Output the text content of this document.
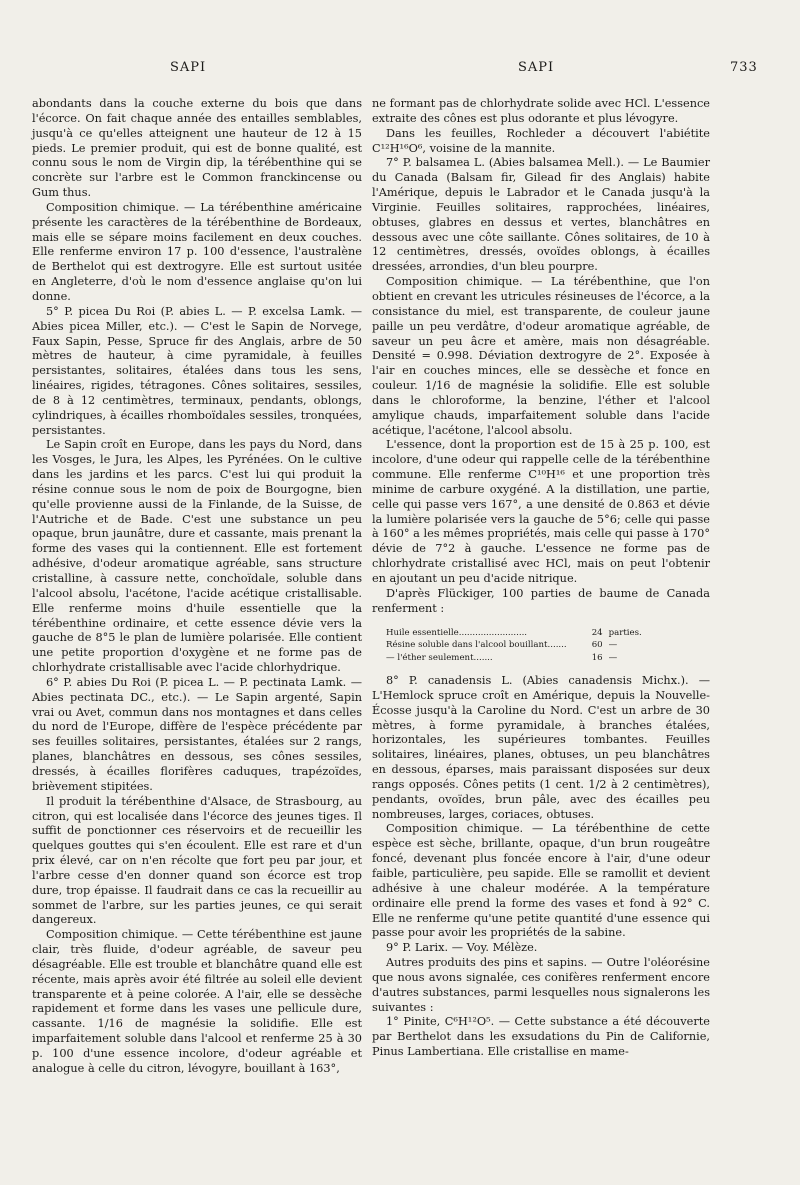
SAPI	SAPI	733

abondants dans la couche externe du bois que dans l'écorce. On fait chaque année des entailles semblables, jusqu'à ce qu'elles atteignent une hauteur de 12 à 15 pieds. Le premier produit, qui est de bonne qualité, est connu sous le nom de Virgin dip, la térébenthine qui se concrète sur l'arbre est le Common franckincense ou Gum thus.

Composition chimique. — La térébenthine américaine présente les caractères de la térébenthine de Bordeaux, mais elle se sépare moins facilement en deux couches. Elle renferme environ 17 p. 100 d'essence, l'australène de Berthelot qui est dextrogyre. Elle est surtout usitée en Angleterre, d'où le nom d'essence anglaise qu'on lui donne.

5° P. picea Du Roi (P. abies L. — P. excelsa Lamk. —Abies picea Miller, etc.). — C'est le Sapin de Norvege, Faux Sapin, Pesse, Spruce fir des Anglais, arbre de 50 mètres de hauteur, à cime pyramidale, à feuilles persistantes, solitaires, étalées dans tous les sens, linéaires, rigides, tétragones. Cônes solitaires, sessiles, de 8 à 12 centimètres, terminaux, pendants, oblongs, cylindriques, à écailles rhomboïdales sessiles, tronquées, persistantes.

Le Sapin croît en Europe, dans les pays du Nord, dans les Vosges, le Jura, les Alpes, les Pyrénées. On le cultive dans les jardins et les parcs. C'est lui qui produit la résine connue sous le nom de poix de Bourgogne, bien qu'elle provienne aussi de la Finlande, de la Suisse, de l'Autriche et de Bade. C'est une substance un peu opaque, brun jaunâtre, dure et cassante, mais prenant la forme des vases qui la contiennent. Elle est fortement adhésive, d'odeur aromatique agréable, sans structure cristalline, à cassure nette, conchoïdale, soluble dans l'alcool absolu, l'acétone, l'acide acétique cristallisable. Elle renferme moins d'huile essentielle que la térébenthine ordinaire, et cette essence dévie vers la gauche de 8°5 le plan de lumière polarisée. Elle contient une petite proportion d'oxygène et ne forme pas de chlorhydrate cristallisable avec l'acide chlorhydrique.

6° P. abies Du Roi (P. picea L. — P. pectinata Lamk. — Abies pectinata DC., etc.). — Le Sapin argenté, Sapin vrai ou Avet, commun dans nos montagnes et dans celles du nord de l'Europe, diffère de l'espèce précédente par ses feuilles solitaires, persistantes, étalées sur 2 rangs, planes, blanchâtres en dessous, ses cônes sessiles, dressés, à écailles florifères caduques, trapézoïdes, brièvement stipitées.

Il produit la térébenthine d'Alsace, de Strasbourg, au citron, qui est localisée dans l'écorce des jeunes tiges. Il suffit de ponctionner ces réservoirs et de recueillir les quelques gouttes qui s'en écoulent. Elle est rare et d'un prix élevé, car on n'en récolte que fort peu par jour, et l'arbre cesse d'en donner quand son écorce est trop dure, trop épaisse. Il faudrait dans ce cas la recueillir au sommet de l'arbre, sur les parties jeunes, ce qui serait dangereux.

Composition chimique. — Cette térébenthine est jaune clair, très fluide, d'odeur agréable, de saveur peu désagréable. Elle est trouble et blanchâtre quand elle est récente, mais après avoir été filtrée au soleil elle devient transparente et à peine colorée. A l'air, elle se dessèche rapidement et forme dans les vases une pellicule dure, cassante. 1/16 de magnésie la solidifie. Elle est imparfaitement soluble dans l'alcool et renferme 25 à 30 p. 100 d'une essence incolore, d'odeur agréable et analogue à celle du citron, lévogyre, bouillant à 163°,

ne formant pas de chlorhydrate solide avec HCl. L'essence extraite des cônes est plus odorante et plus lévogyre.

Dans les feuilles, Rochleder a découvert l'abiétite C¹²H¹⁶O⁶, voisine de la mannite.

7° P. balsamea L. (Abies balsamea Mell.). — Le Baumier du Canada (Balsam fir, Gilead fir des Anglais) habite l'Amérique, depuis le Labrador et le Canada jusqu'à la Virginie. Feuilles solitaires, rapprochées, linéaires, obtuses, glabres en dessus et vertes, blanchâtres en dessous avec une côte saillante. Cônes solitaires, de 10 à 12 centimètres, dressés, ovoïdes oblongs, à écailles dressées, arrondies, d'un bleu pourpre.

Composition chimique. — La térébenthine, que l'on obtient en crevant les utricules résineuses de l'écorce, a la consistance du miel, est transparente, de couleur jaune paille un peu verdâtre, d'odeur aromatique agréable, de saveur un peu âcre et amère, mais non désagréable. Densité = 0.998. Déviation dextrogyre de 2°. Exposée à l'air en couches minces, elle se dessèche et fonce en couleur. 1/16 de magnésie la solidifie. Elle est soluble dans le chloroforme, la benzine, l'éther et l'alcool amylique chauds, imparfaitement soluble dans l'acide acétique, l'acétone, l'alcool absolu.

L'essence, dont la proportion est de 15 à 25 p. 100, est incolore, d'une odeur qui rappelle celle de la térébenthine commune. Elle renferme C¹⁰H¹⁶ et une proportion très minime de carbure oxygéné. A la distillation, une partie, celle qui passe vers 167°, a une densité de 0.863 et dévie la lumière polarisée vers la gauche de 5°6; celle qui passe à 160° a les mêmes propriétés, mais celle qui passe à 170° dévie de 7°2 à gauche. L'essence ne forme pas de chlorhydrate cristallisé avec HCl, mais on peut l'obtenir en ajoutant un peu d'acide nitrique.

D'après Flückiger, 100 parties de baume de Canada renferment :

Huile essentielle.........................	24	parties.
Résine soluble dans l'alcool bouillant.......	60	—
— l'éther seulement.......	16	—

8° P. canadensis L. (Abies canadensis Michx.). — L'Hemlock spruce croît en Amérique, depuis la Nouvelle-Écosse jusqu'à la Caroline du Nord. C'est un arbre de 30 mètres, à forme pyramidale, à branches étalées, horizontales, les supérieures tombantes. Feuilles solitaires, linéaires, planes, obtuses, un peu blanchâtres en dessous, éparses, mais paraissant disposées sur deux rangs opposés. Cônes petits (1 cent. 1/2 à 2 centimètres), pendants, ovoïdes, brun pâle, avec des écailles peu nombreuses, larges, coriaces, obtuses.

Composition chimique. — La térébenthine de cette espèce est sèche, brillante, opaque, d'un brun rougeâtre foncé, devenant plus foncée encore à l'air, d'une odeur faible, particulière, peu sapide. Elle se ramollit et devient adhésive à une chaleur modérée. A la température ordinaire elle prend la forme des vases et fond à 92° C. Elle ne renferme qu'une petite quantité d'une essence qui passe pour avoir les propriétés de la sabine.

9° P. Larix. — Voy. Mélèze.

Autres produits des pins et sapins. — Outre l'oléorésine que nous avons signalée, ces conifères renferment encore d'autres substances, parmi lesquelles nous signalerons les suivantes :

1° Pinite, C⁶H¹²O⁵. — Cette substance a été découverte par Berthelot dans les exsudations du Pin de Californie, Pinus Lambertiana. Elle cristallise en mame-
